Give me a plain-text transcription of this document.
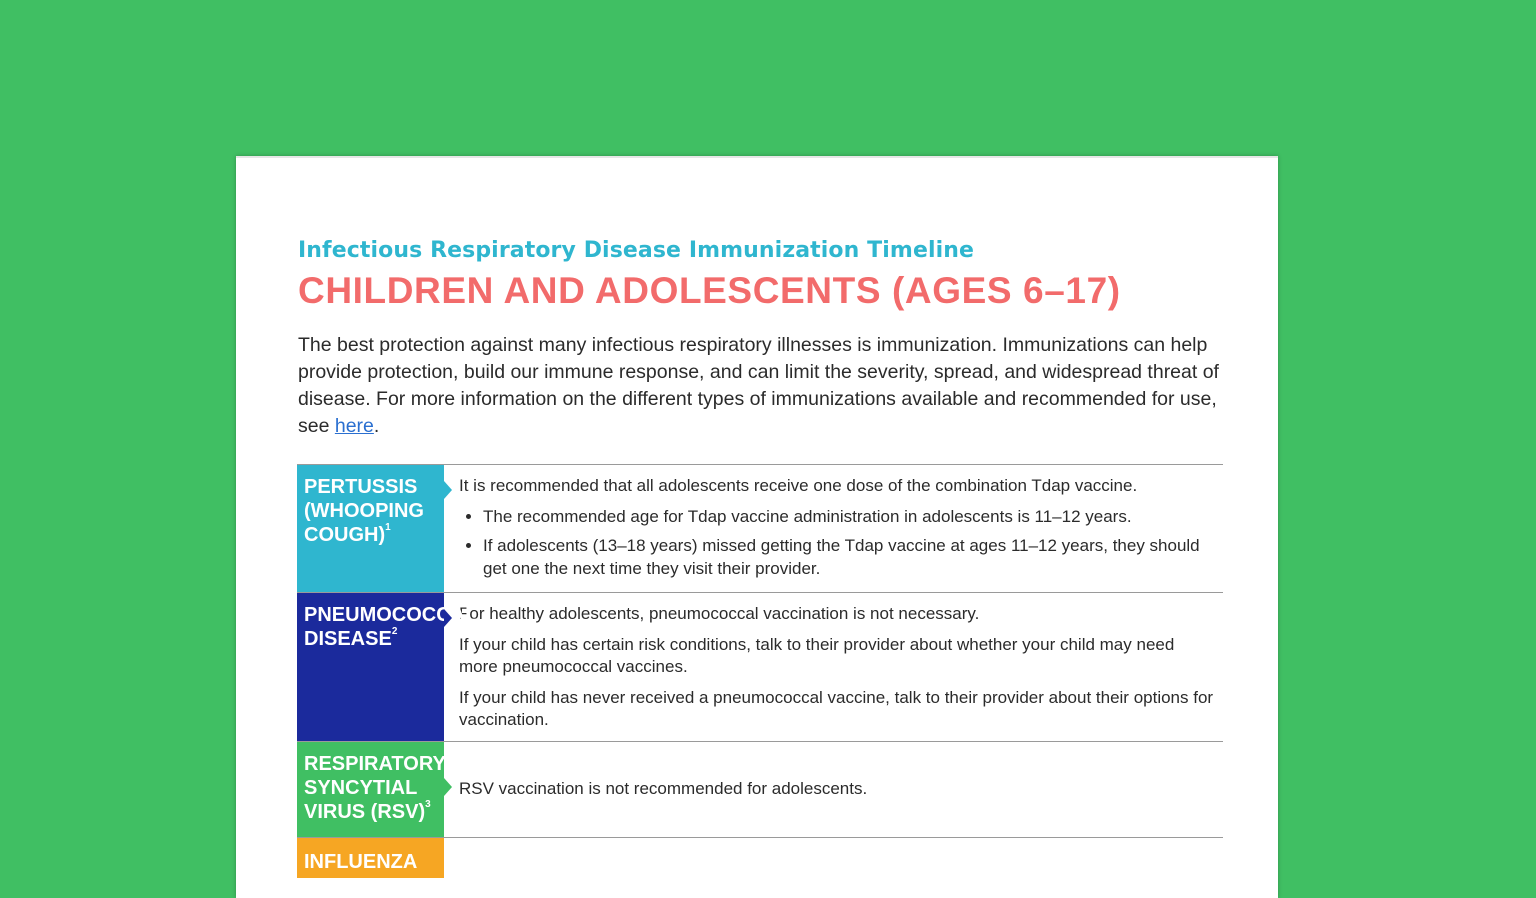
Infectious Respiratory Disease Immunization Timeline
CHILDREN AND ADOLESCENTS (AGES 6–17)
The best protection against many infectious respiratory illnesses is immunization. Immunizations can help provide protection, build our immune response, and can limit the severity, spread, and widespread threat of disease. For more information on the different types of immunizations available and recommended for use, see here.
PERTUSSIS (WHOOPING COUGH)$^1$

It is recommended that all adolescents receive one dose of the combination Tdap vaccine.

• The recommended age for Tdap vaccine administration in adolescents is 11–12 years.
• If adolescents (13–18 years) missed getting the Tdap vaccine at ages 11–12 years, they should get one the next time they visit their provider.
PNEUMOCOCCAL DISEASE$^2$

For healthy adolescents, pneumococcal vaccination is not necessary.

If your child has certain risk conditions, talk to their provider about whether your child may need more pneumococcal vaccines.

If your child has never received a pneumococcal vaccine, talk to their provider about their options for vaccination.

RESPIRATORY SYNCYTIAL VIRUS (RSV)$^3$

RSV vaccination is not recommended for adolescents.

INFLUENZA
